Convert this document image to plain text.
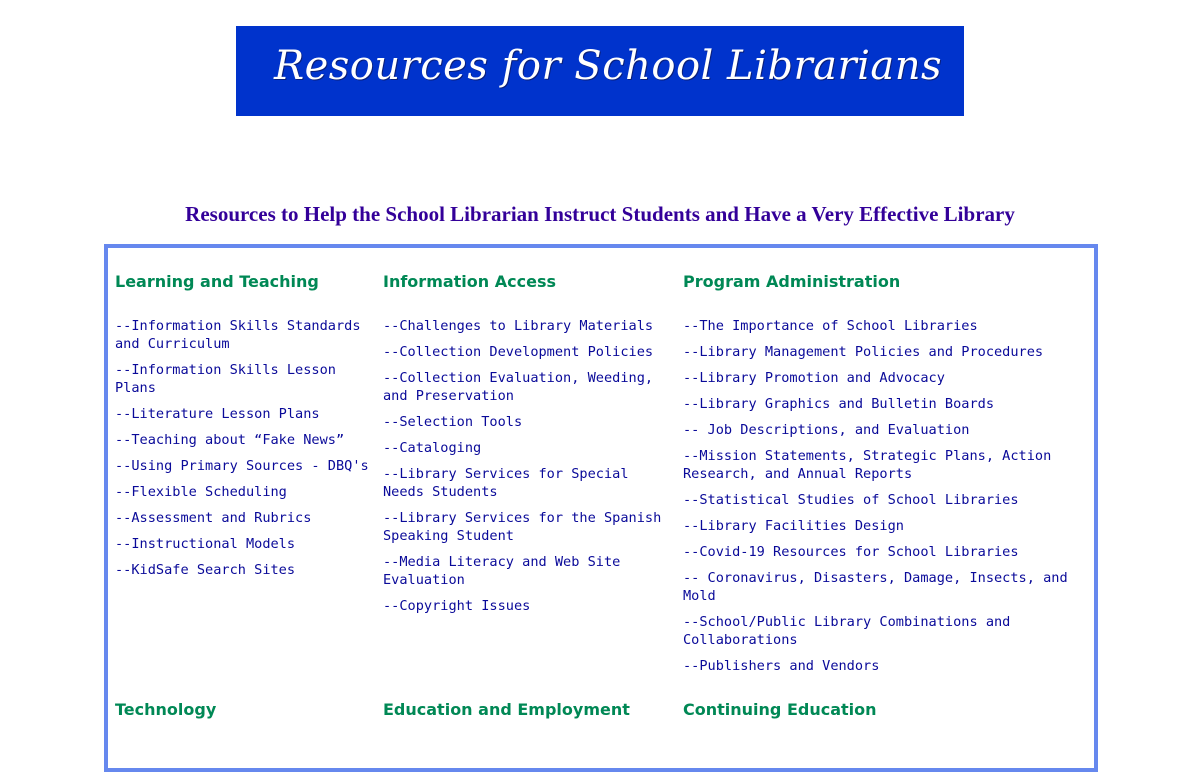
Resources for School Librarians
Resources to Help the School Librarian Instruct Students and Have a Very Effective Library
Learning and Teaching
--Information Skills Standards and Curriculum
--Information Skills Lesson Plans
--Literature Lesson Plans
--Teaching about “Fake News”
--Using Primary Sources - DBQ's
--Flexible Scheduling
--Assessment and Rubrics
--Instructional Models
--KidSafe Search Sites
Technology
Information Access
--Challenges to Library Materials
--Collection Development Policies
--Collection Evaluation, Weeding, and Preservation
--Selection Tools
--Cataloging
--Library Services for Special Needs Students
--Library Services for the Spanish Speaking Student
--Media Literacy and Web Site Evaluation
--Copyright Issues
Education and Employment
Program Administration
--The Importance of School Libraries
--Library Management Policies and Procedures
--Library Promotion and Advocacy
--Library Graphics and Bulletin Boards
-- Job Descriptions, and Evaluation
--Mission Statements, Strategic Plans, Action Research, and Annual Reports
--Statistical Studies of School Libraries
--Library Facilities Design
--Covid-19 Resources for School Libraries
-- Coronavirus, Disasters, Damage, Insects, and Mold
--School/Public Library Combinations and Collaborations
--Publishers and Vendors
Continuing Education
